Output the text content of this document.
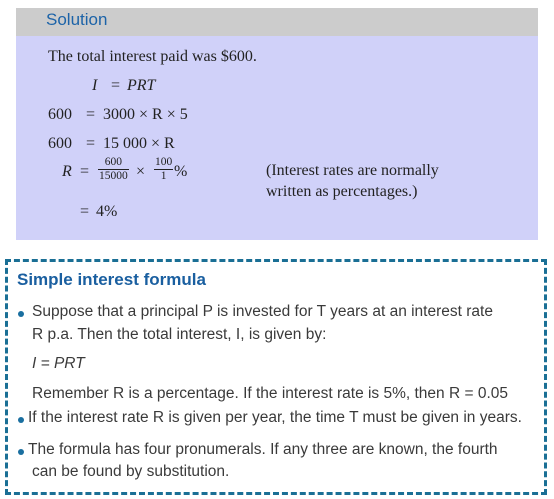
Solution
The total interest paid was $600.
I = PRT
600 = 3000 × R × 5
600 = 15 000 × R
$R = \frac{600}{15000} \times \frac{100}{1}$ %	(Interest rates are normally
written as percentages.)
= 4%
Simple interest formula
Suppose that a principal P is invested for T years at an interest rate
R p.a. Then the total interest, I, is given by:
I = PRT
Remember R is a percentage. If the interest rate is 5%, then R = 0.05
If the interest rate R is given per year, the time T must be given in years.
The formula has four pronumerals. If any three are known, the fourth
can be found by substitution.
